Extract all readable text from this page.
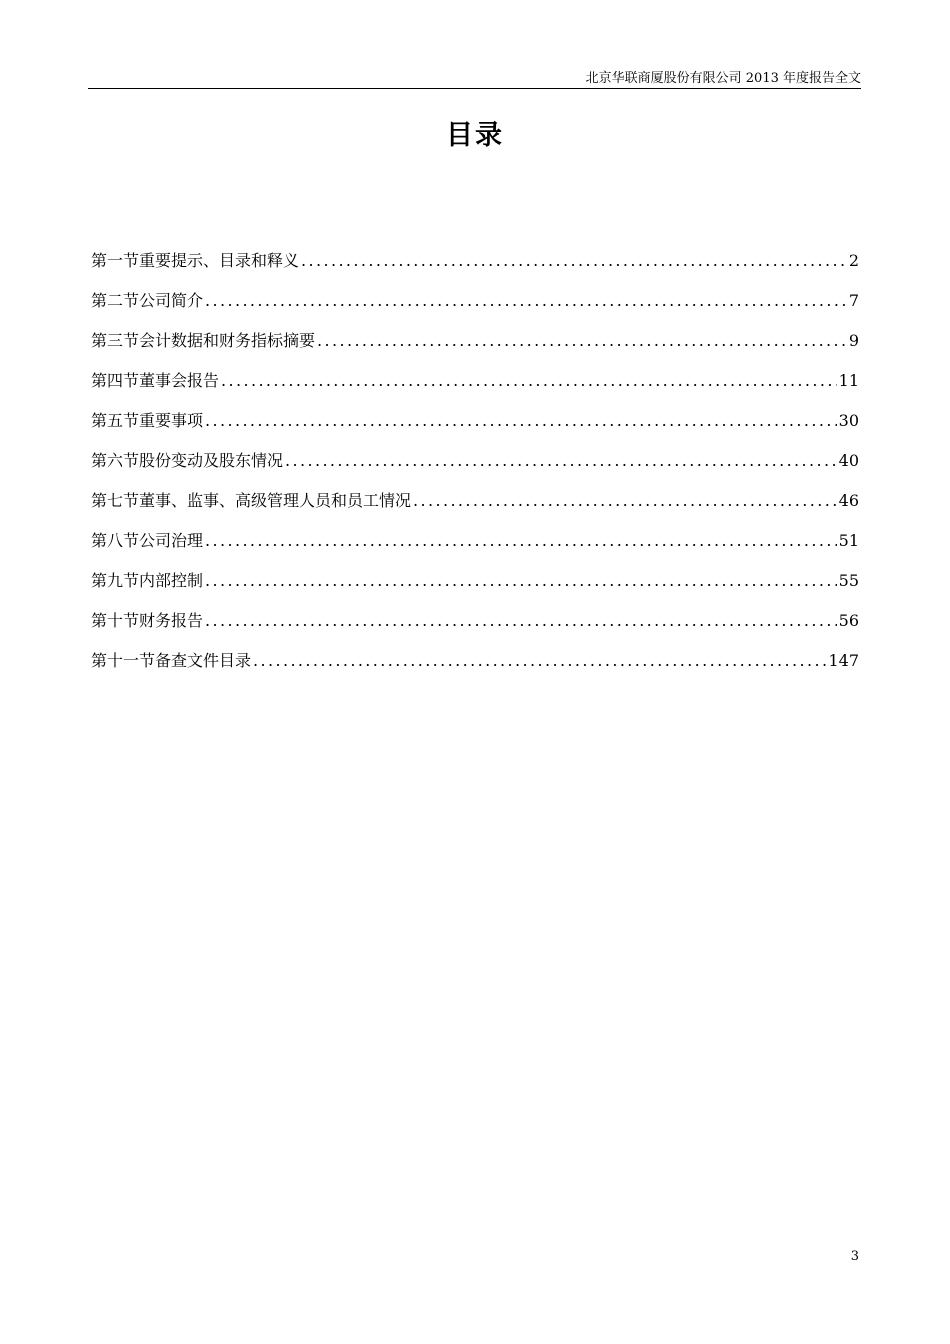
北京华联商厦股份有限公司 2013 年度报告全文
目录
第一节重要提示、目录和释义 .....	2
第二节公司简介 .....	7
第三节会计数据和财务指标摘要 .....	9
第四节董事会报告 .....	11
第五节重要事项 .....	30
第六节股份变动及股东情况 .....	40
第七节董事、监事、高级管理人员和员工情况 .....	46
第八节公司治理 .....	51
第九节内部控制 .....	55
第十节财务报告 .....	56
第十一节备查文件目录 .....	147
3
